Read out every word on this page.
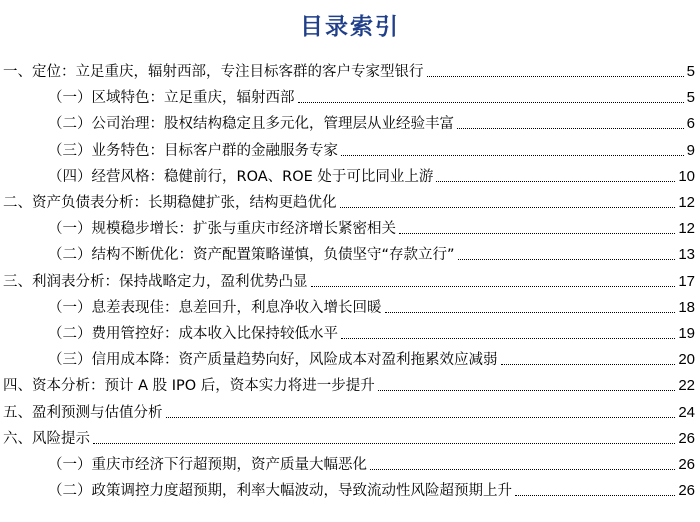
目录索引
一、定位：立足重庆，辐射西部，专注目标客群的客户专家型银行	5
（一）区域特色：立足重庆，辐射西部	5
（二）公司治理：股权结构稳定且多元化，管理层从业经验丰富	6
（三）业务特色：目标客户群的金融服务专家	9
（四）经营风格：稳健前行，ROA、ROE 处于可比同业上游	10
二、资产负债表分析：长期稳健扩张，结构更趋优化	12
（一）规模稳步增长：扩张与重庆市经济增长紧密相关	12
（二）结构不断优化：资产配置策略谨慎，负债坚守“存款立行”	13
三、利润表分析：保持战略定力，盈利优势凸显	17
（一）息差表现佳：息差回升，利息净收入增长回暖	18
（二）费用管控好：成本收入比保持较低水平	19
（三）信用成本降：资产质量趋势向好，风险成本对盈利拖累效应减弱	20
四、资本分析：预计 A 股 IPO 后，资本实力将进一步提升	22
五、盈利预测与估值分析	24
六、风险提示	26
（一）重庆市经济下行超预期，资产质量大幅恶化	26
（二）政策调控力度超预期，利率大幅波动，导致流动性风险超预期上升	26
